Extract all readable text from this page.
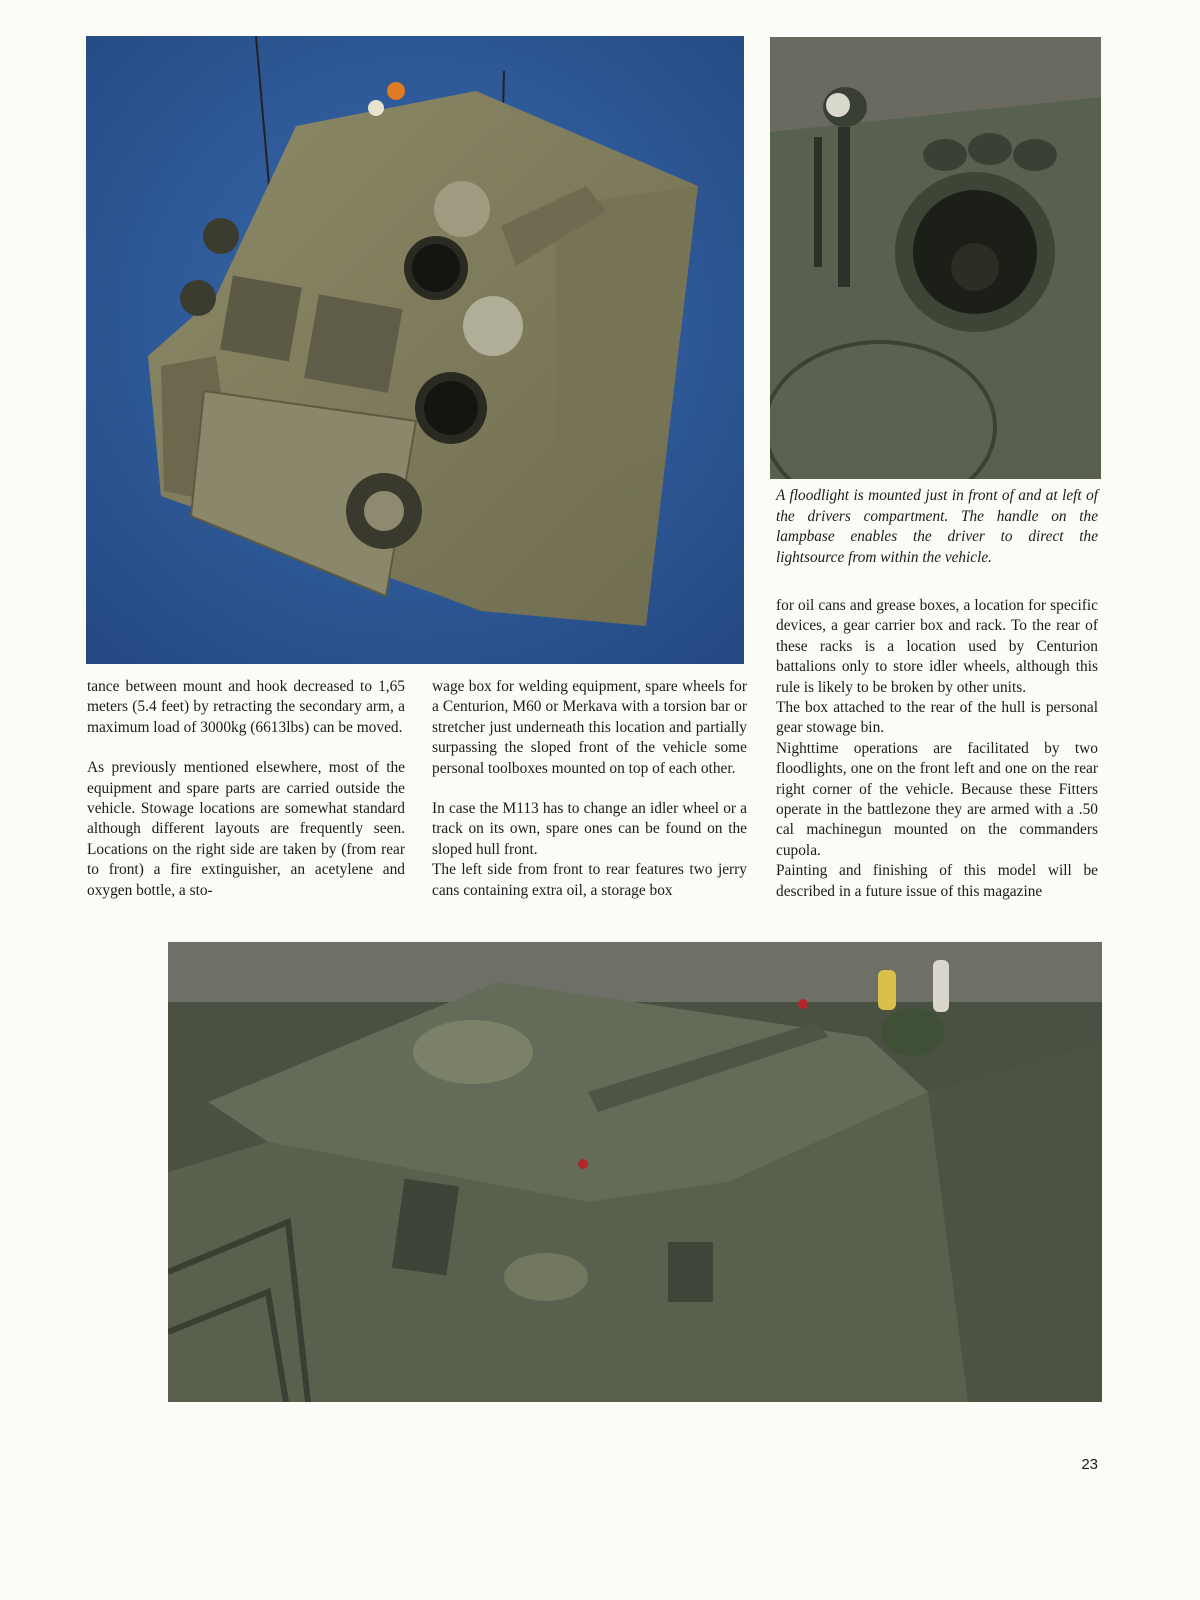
A floodlight is mounted just in front of and at left of the drivers compartment. The handle on the lampbase enables the driver to direct the lightsource from within the vehicle.

tance between mount and hook decreased to 1,65 meters (5.4 feet) by retracting the secondary arm, a maximum load of 3000kg (6613lbs) can be moved.

As previously mentioned elsewhere, most of the equipment and spare parts are carried outside the vehicle. Stowage locations are somewhat standard although different layouts are frequently seen. Locations on the right side are taken by (from rear to front) a fire extinguisher, an acetylene and oxygen bottle, a sto-

wage box for welding equipment, spare wheels for a Centurion, M60 or Merkava with a torsion bar or stretcher just underneath this location and partially surpassing the sloped front of the vehicle some personal toolboxes mounted on top of each other.

In case the M113 has to change an idler wheel or a track on its own, spare ones can be found on the sloped hull front.

The left side from front to rear features two jerry cans containing extra oil, a storage box

for oil cans and grease boxes, a location for specific devices, a gear carrier box and rack. To the rear of these racks is a location used by Centurion battalions only to store idler wheels, although this rule is likely to be broken by other units.

The box attached to the rear of the hull is personal gear stowage bin.

Nighttime operations are facilitated by two floodlights, one on the front left and one on the rear right corner of the vehicle. Because these Fitters operate in the battlezone they are armed with a .50 cal machinegun mounted on the commanders cupola.

Painting and finishing of this model will be described in a future issue of this magazine

23
